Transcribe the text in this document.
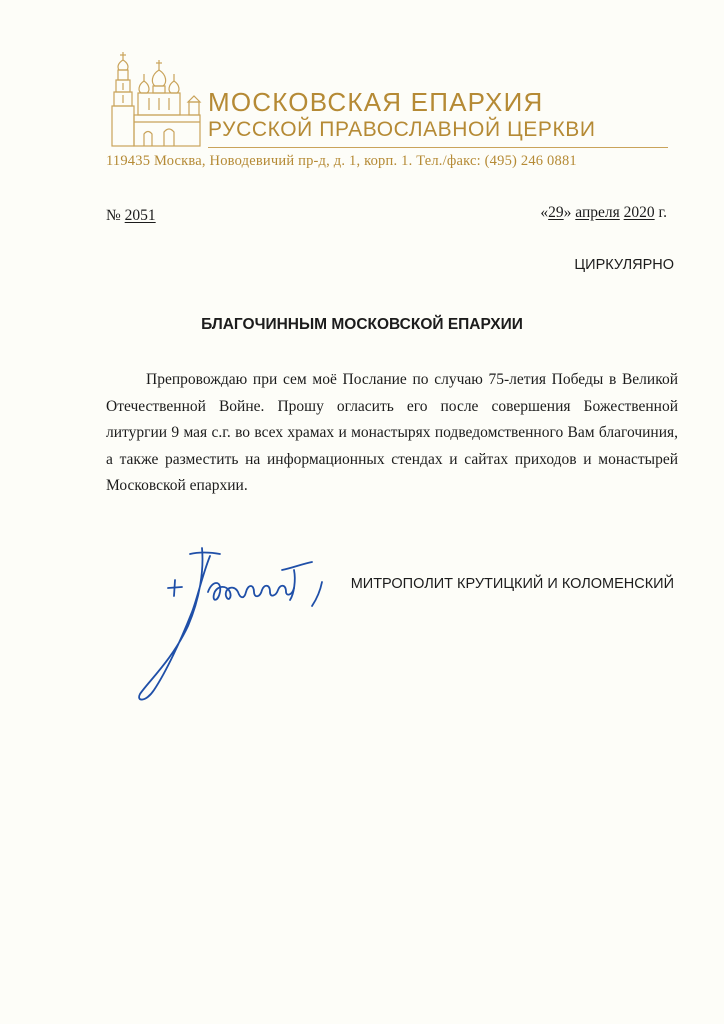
МОСКОВСКАЯ ЕПАРХИЯ
РУССКОЙ ПРАВОСЛАВНОЙ ЦЕРКВИ
119435 Москва, Новодевичий пр-д, д. 1, корп. 1. Тел./факс: (495) 246 0881
№ 2051	«29» апреля 2020 г.
ЦИРКУЛЯРНО
БЛАГОЧИННЫМ МОСКОВСКОЙ ЕПАРХИИ

Препровождаю при сем моё Послание по случаю 75-летия Победы в Великой Отечественной Войне. Прошу огласить его после совершения Божественной литургии 9 мая с.г. во всех храмах и монастырях подведомственного Вам благочиния, а также разместить на информационных стендах и сайтах приходов и монастырей Московской епархии.

МИТРОПОЛИТ КРУТИЦКИЙ И КОЛОМЕНСКИЙ
